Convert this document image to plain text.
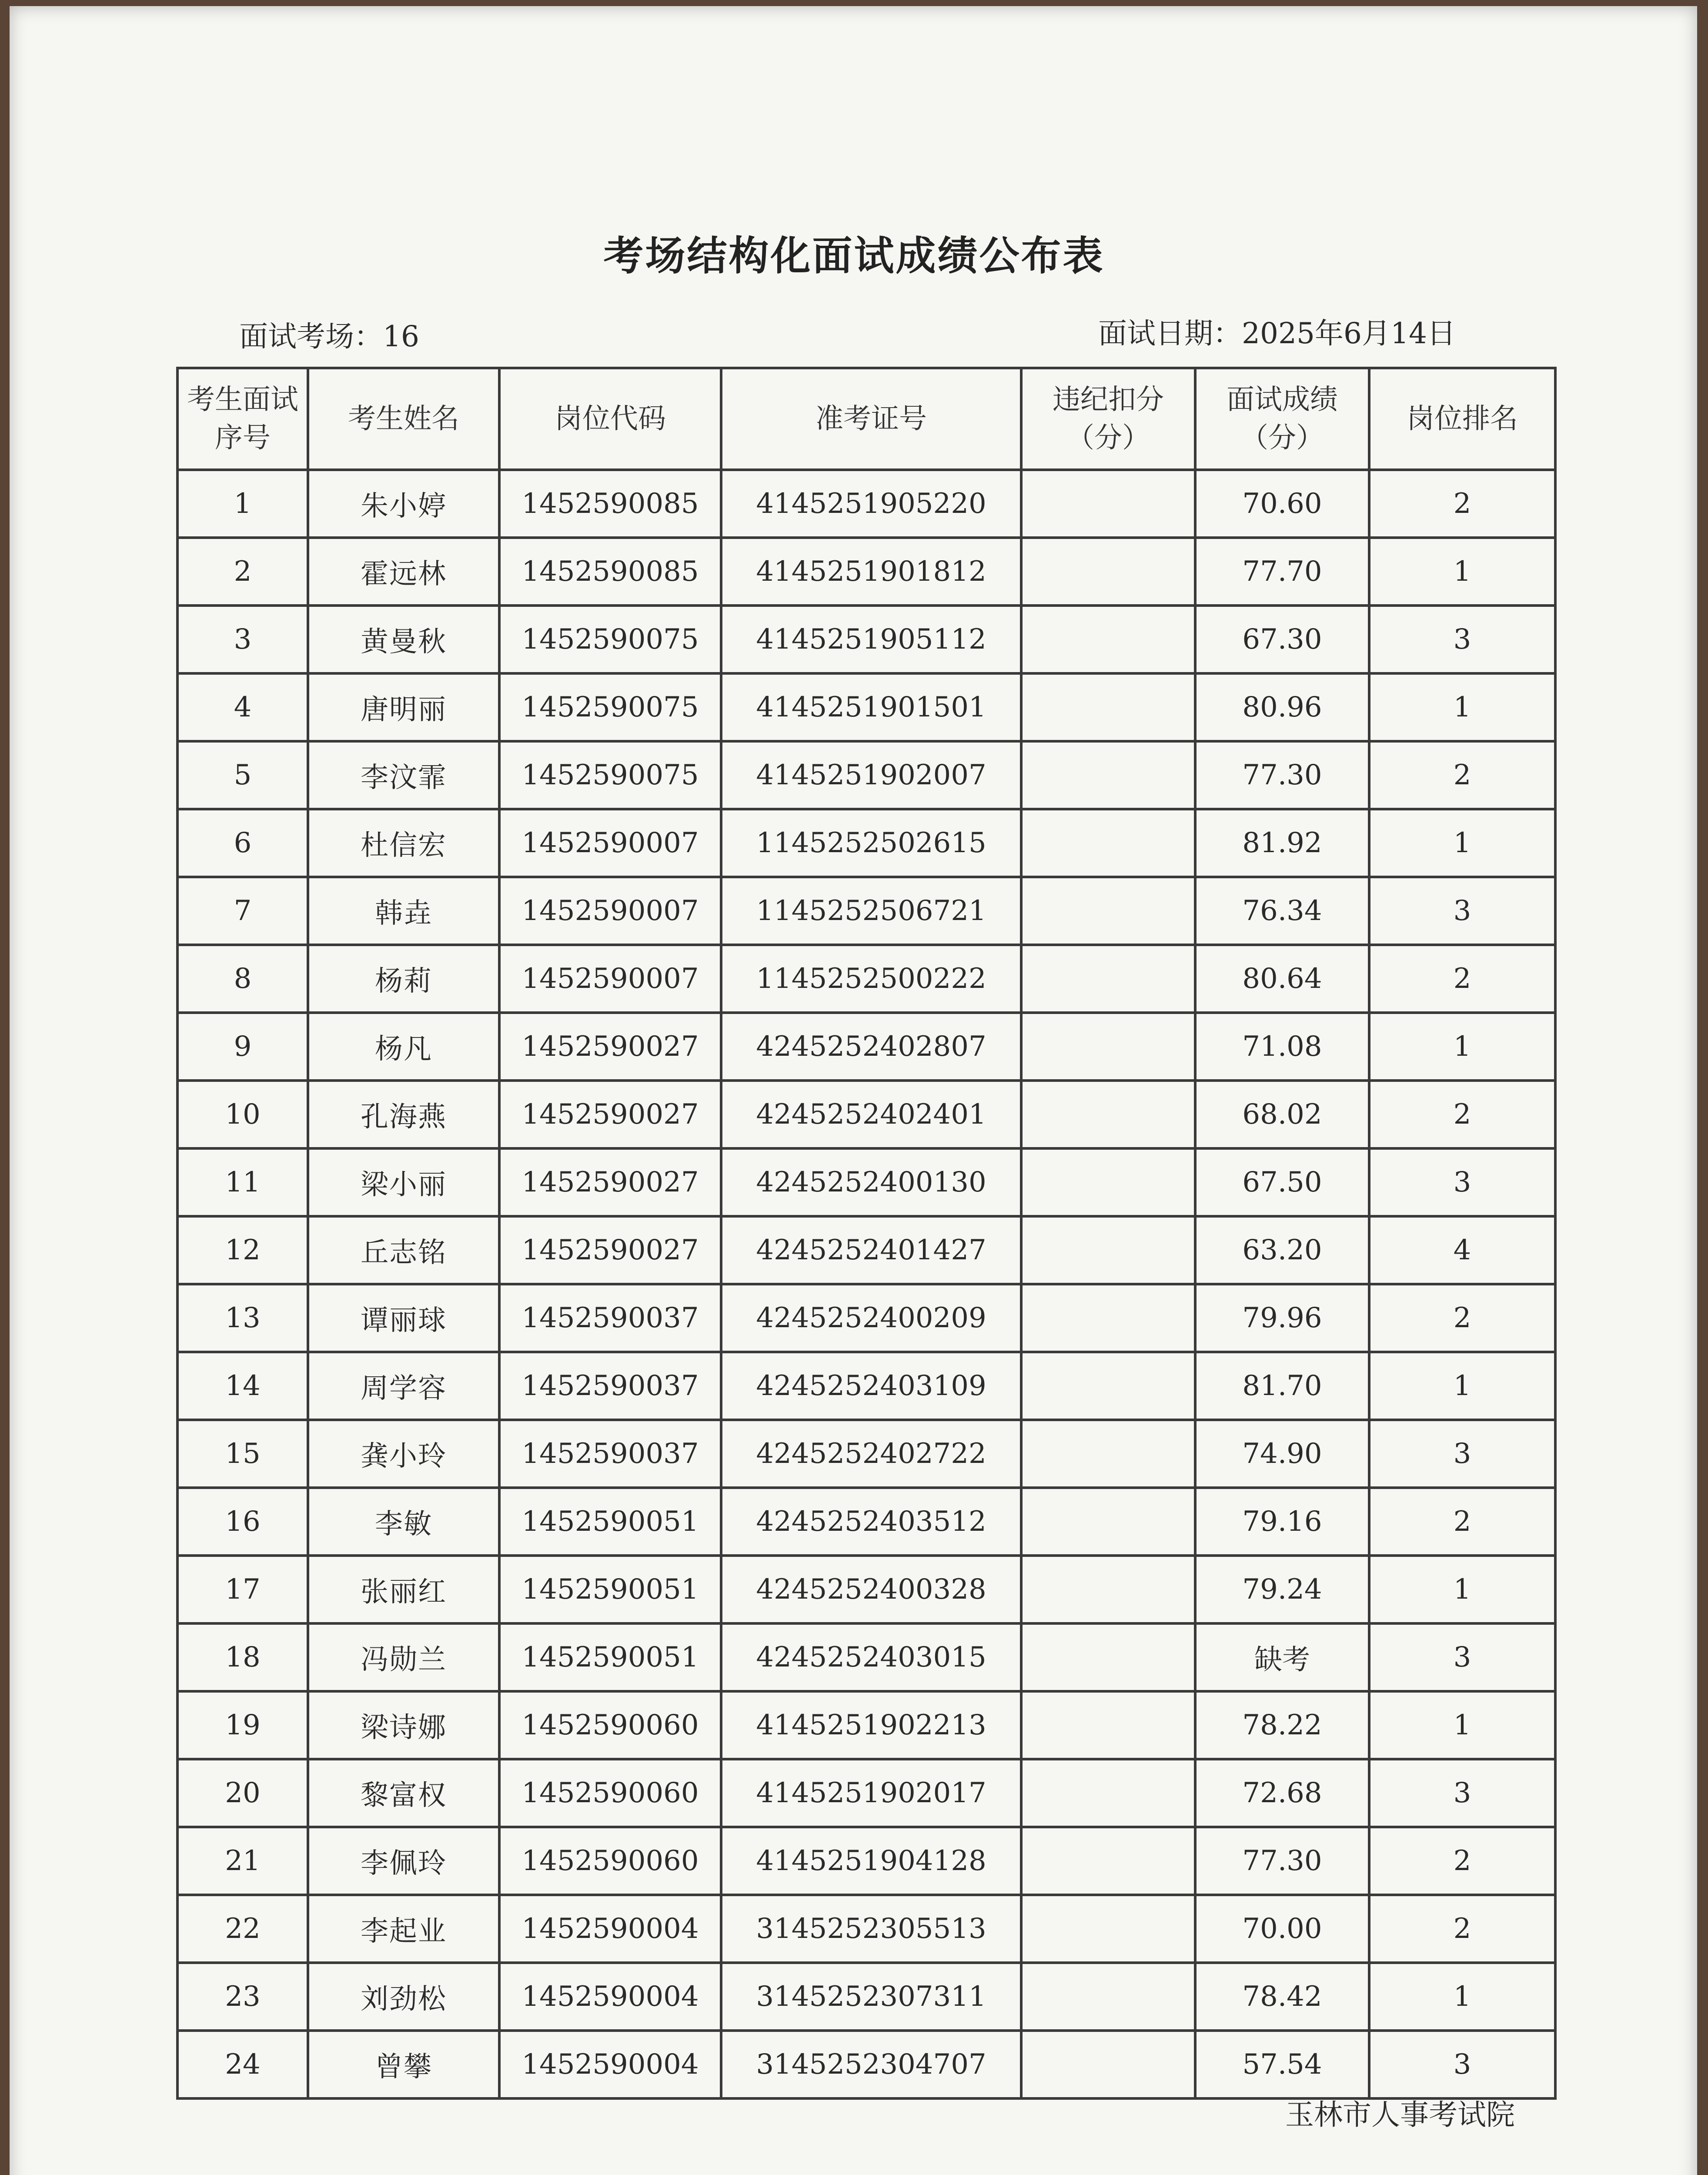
考场结构化面试成绩公布表
面试考场：16	面试日期：2025年6月14日
考生面试序号	考生姓名	岗位代码	准考证号	违纪扣分（分）	面试成绩（分）	岗位排名
1	朱小婷	1452590085	4145251905220		70.60	2
2	霍远林	1452590085	4145251901812		77.70	1
3	黄曼秋	1452590075	4145251905112		67.30	3
4	唐明丽	1452590075	4145251901501		80.96	1
5	李汶霏	1452590075	4145251902007		77.30	2
6	杜信宏	1452590007	1145252502615		81.92	1
7	韩垚	1452590007	1145252506721		76.34	3
8	杨莉	1452590007	1145252500222		80.64	2
9	杨凡	1452590027	4245252402807		71.08	1
10	孔海燕	1452590027	4245252402401		68.02	2
11	梁小丽	1452590027	4245252400130		67.50	3
12	丘志铭	1452590027	4245252401427		63.20	4
13	谭丽球	1452590037	4245252400209		79.96	2
14	周学容	1452590037	4245252403109		81.70	1
15	龚小玲	1452590037	4245252402722		74.90	3
16	李敏	1452590051	4245252403512		79.16	2
17	张丽红	1452590051	4245252400328		79.24	1
18	冯勋兰	1452590051	4245252403015		缺考	3
19	梁诗娜	1452590060	4145251902213		78.22	1
20	黎富权	1452590060	4145251902017		72.68	3
21	李佩玲	1452590060	4145251904128		77.30	2
22	李起业	1452590004	3145252305513		70.00	2
23	刘劲松	1452590004	3145252307311		78.42	1
24	曾攀	1452590004	3145252304707		57.54	3
玉林市人事考试院
